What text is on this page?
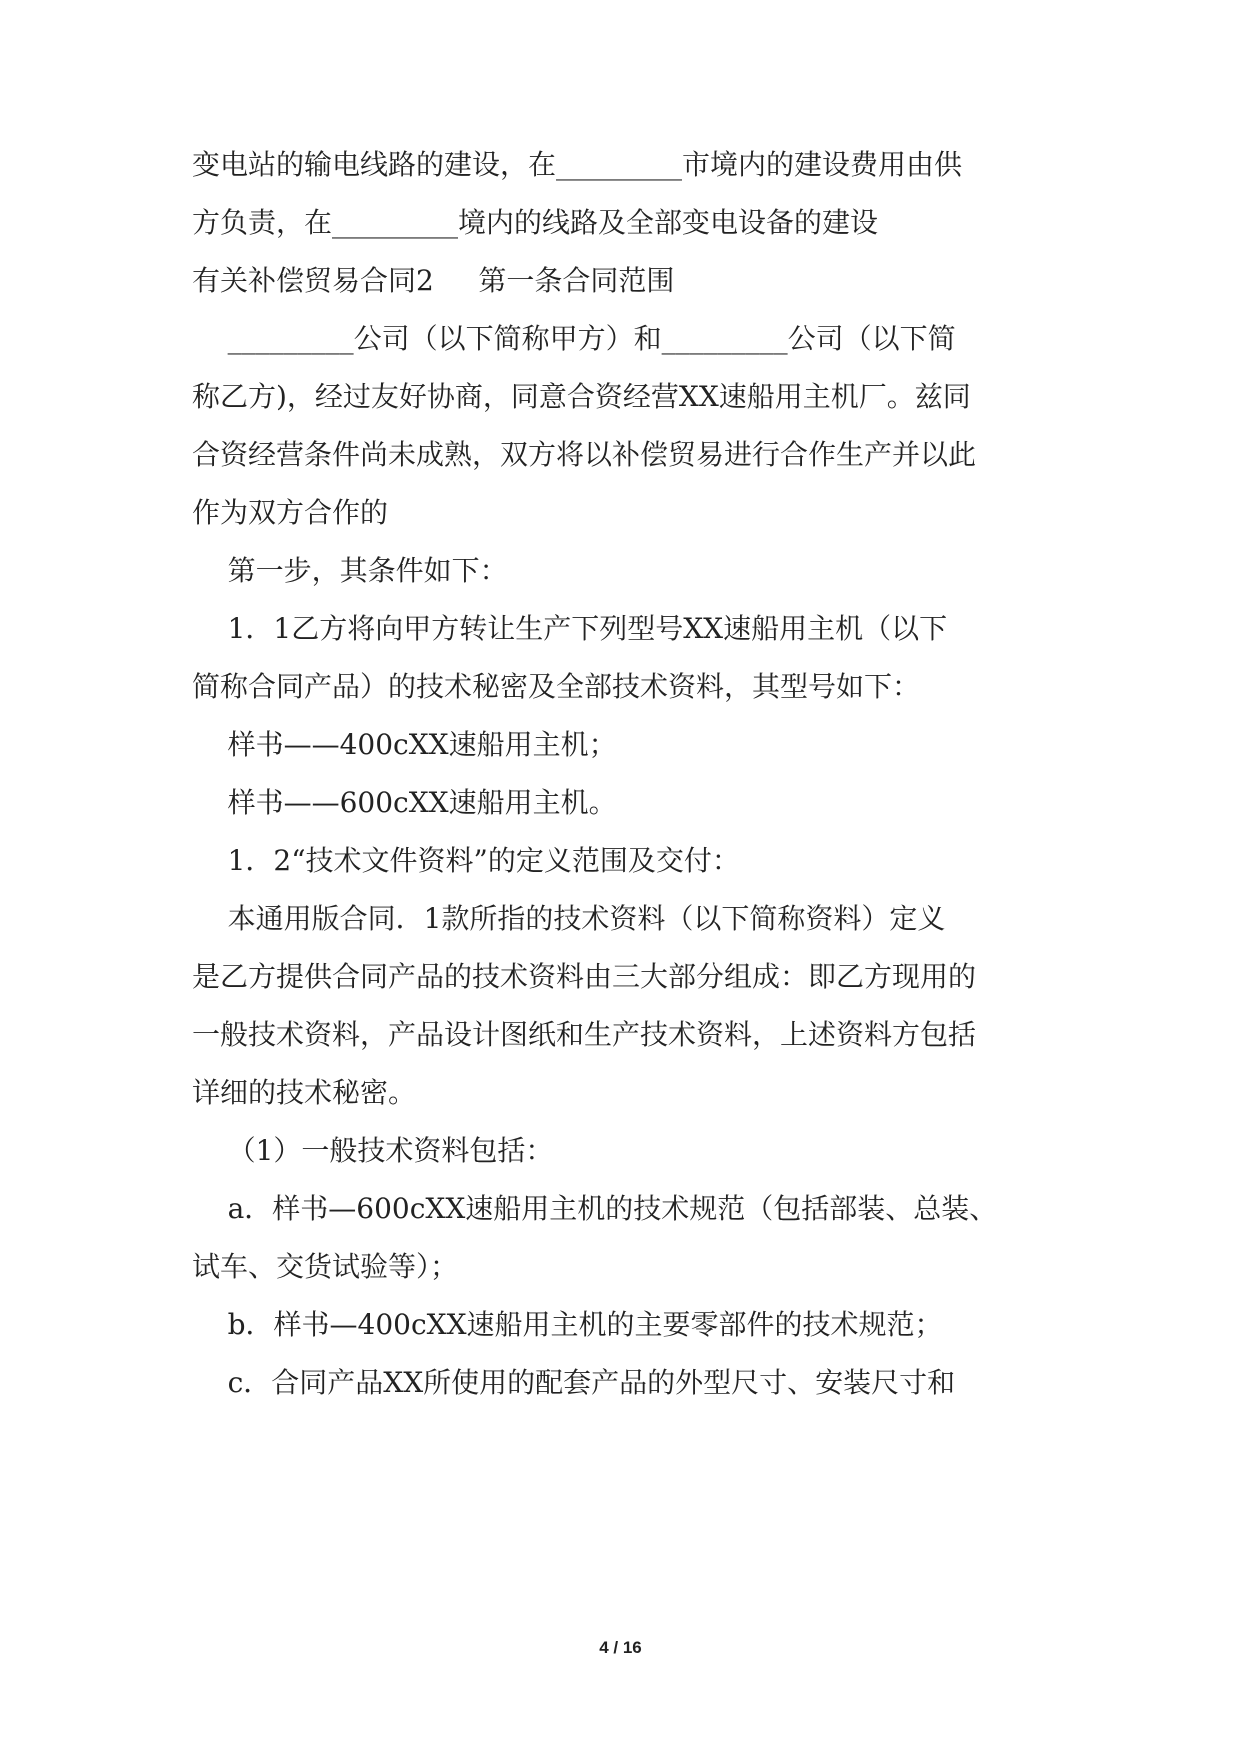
变电站的输电线路的建设，在_________市境内的建设费用由供
方负责，在_________境内的线路及全部变电设备的建设
有关补偿贸易合同2     第一条合同范围
_________公司（以下简称甲方）和_________公司（以下简
称乙方)，经过友好协商，同意合资经营XX速船用主机厂。兹同
合资经营条件尚未成熟，双方将以补偿贸易进行合作生产并以此
作为双方合作的
第一步，其条件如下：
1．1乙方将向甲方转让生产下列型号XX速船用主机（以下
简称合同产品）的技术秘密及全部技术资料，其型号如下：
样书——400cXX速船用主机；
样书——600cXX速船用主机。
1．2“技术文件资料”的定义范围及交付：
本通用版合同．1款所指的技术资料（以下简称资料）定义
是乙方提供合同产品的技术资料由三大部分组成：即乙方现用的
一般技术资料，产品设计图纸和生产技术资料，上述资料方包括
详细的技术秘密。
（1）一般技术资料包括：
a．样书—600cXX速船用主机的技术规范（包括部装、总装、
试车、交货试验等）；
b．样书—400cXX速船用主机的主要零部件的技术规范；
c．合同产品XX所使用的配套产品的外型尺寸、安装尺寸和
4 / 16
